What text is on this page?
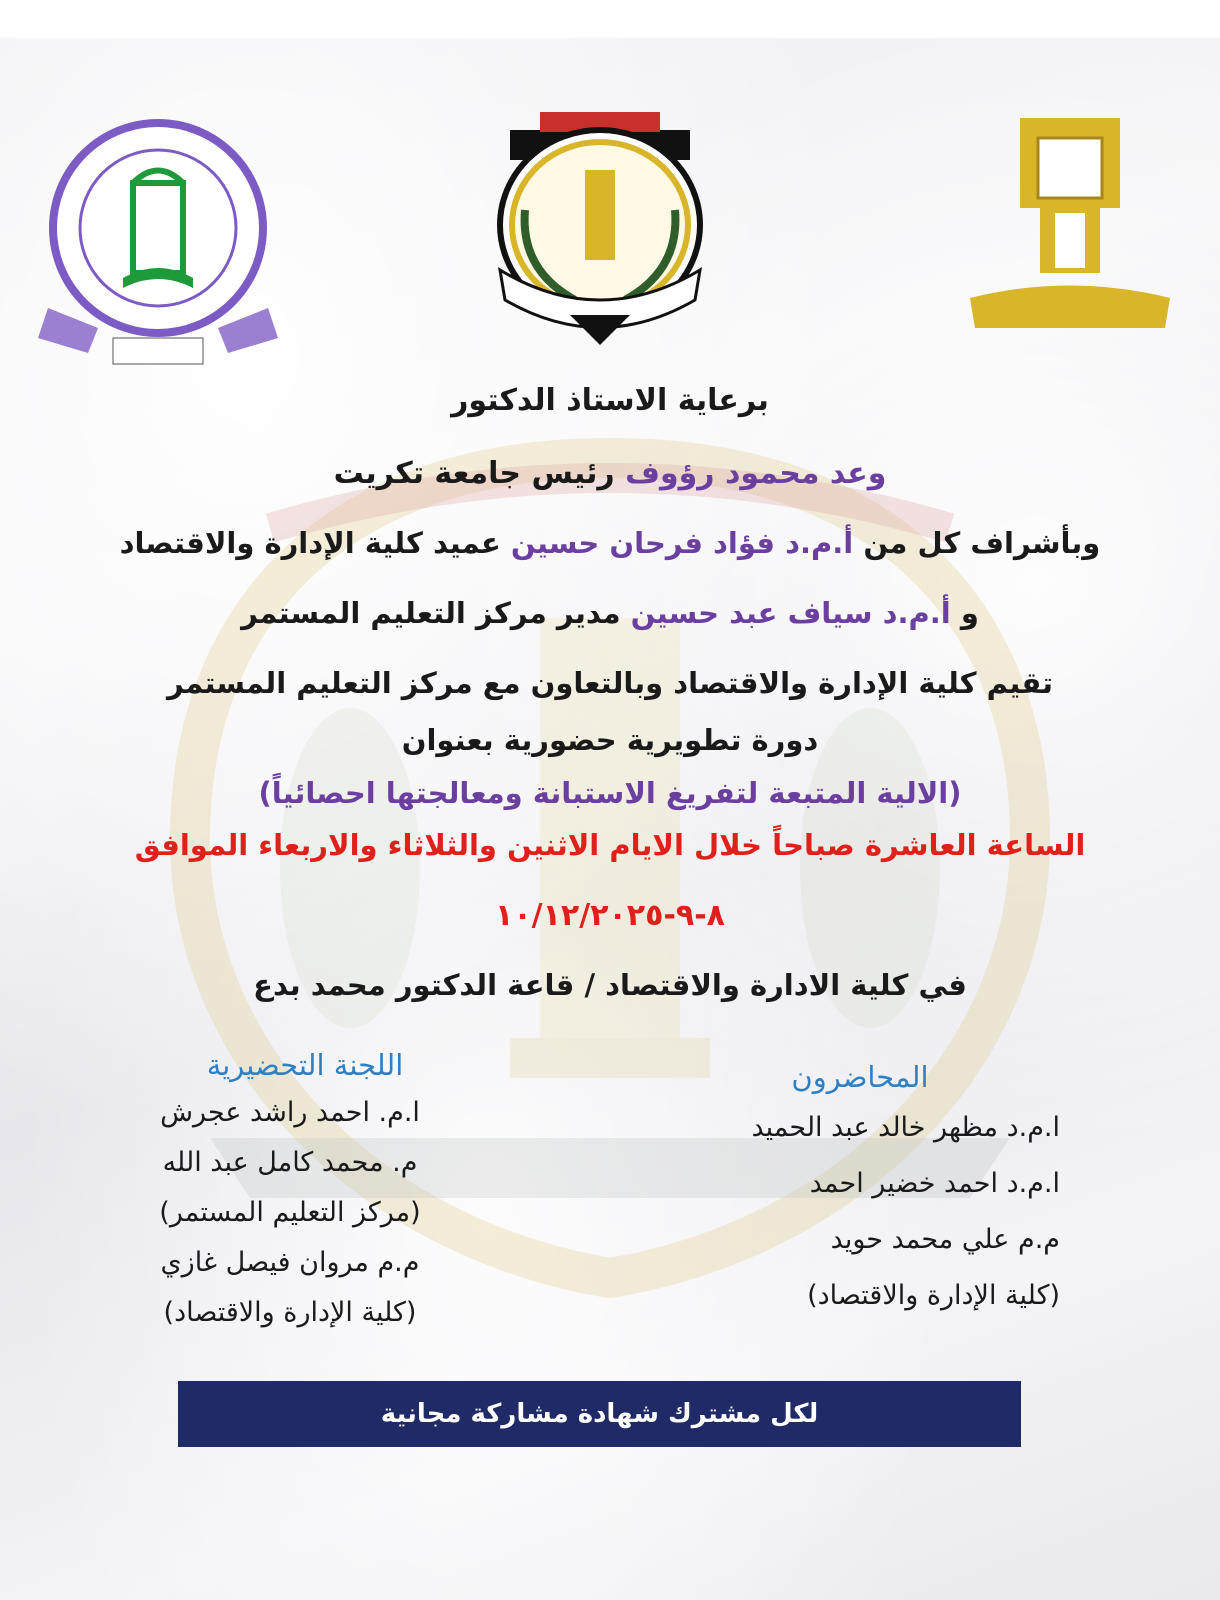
برعاية الاستاذ الدكتور
وعد محمود رؤوف رئيس جامعة تكريت
وبأشراف كل من أ.م.د فؤاد فرحان حسين عميد كلية الإدارة والاقتصاد
و أ.م.د سياف عبد حسين مدير مركز التعليم المستمر
تقيم كلية الإدارة والاقتصاد وبالتعاون مع مركز التعليم المستمر
دورة تطويرية حضورية بعنوان
(الالية المتبعة لتفريغ الاستبانة ومعالجتها احصائياً)
الساعة العاشرة صباحاً خلال الايام الاثنين والثلاثاء والاربعاء الموافق
٨-٩-١٠/١٢/٢٠٢٥
في كلية الادارة والاقتصاد / قاعة الدكتور محمد بدع
اللجنة التحضيرية
ا.م. احمد راشد عجرش
م. محمد كامل عبد الله
(مركز التعليم المستمر)
م.م مروان فيصل غازي
(كلية الإدارة والاقتصاد)
المحاضرون
ا.م.د مظهر خالد عبد الحميد
ا.م.د احمد خضير احمد
م.م علي محمد حويد
(كلية الإدارة والاقتصاد)
لكل مشترك شهادة مشاركة مجانية
